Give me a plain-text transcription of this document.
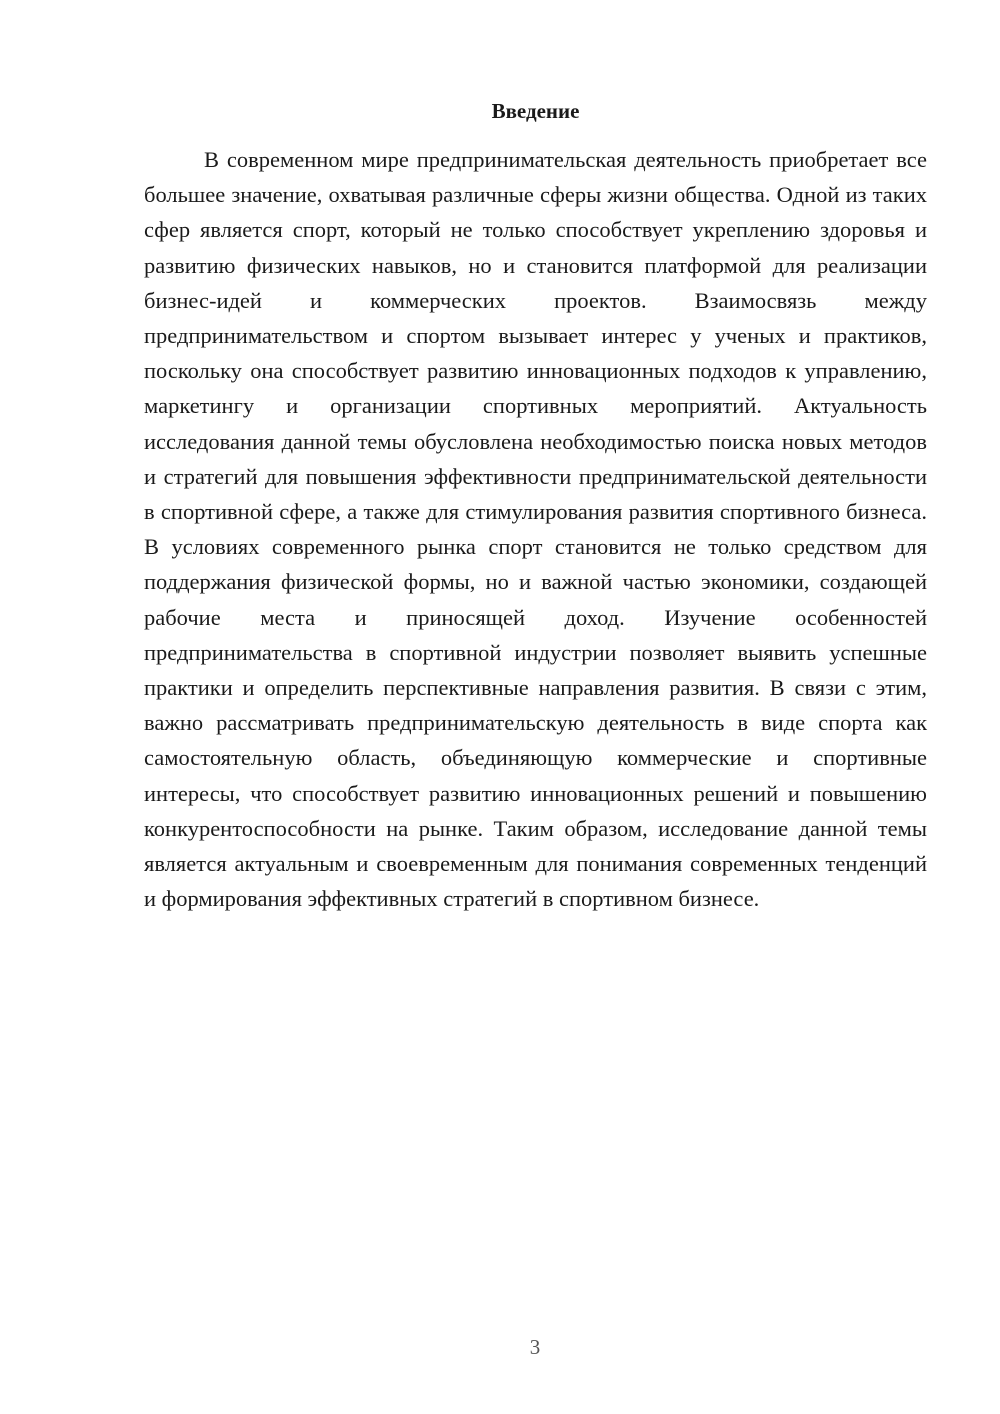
Введение

В современном мире предпринимательская деятельность приобретает все большее значение, охватывая различные сферы жизни общества. Одной из таких сфер является спорт, который не только способствует укреплению здоровья и развитию физических навыков, но и становится платформой для реализации бизнес-идей и коммерческих проектов. Взаимосвязь между предпринимательством и спортом вызывает интерес у ученых и практиков, поскольку она способствует развитию инновационных подходов к управлению, маркетингу и организации спортивных мероприятий. Актуальность исследования данной темы обусловлена необходимостью поиска новых методов и стратегий для повышения эффективности предпринимательской деятельности в спортивной сфере, а также для стимулирования развития спортивного бизнеса. В условиях современного рынка спорт становится не только средством для поддержания физической формы, но и важной частью экономики, создающей рабочие места и приносящей доход. Изучение особенностей предпринимательства в спортивной индустрии позволяет выявить успешные практики и определить перспективные направления развития. В связи с этим, важно рассматривать предпринимательскую деятельность в виде спорта как самостоятельную область, объединяющую коммерческие и спортивные интересы, что способствует развитию инновационных решений и повышению конкурентоспособности на рынке. Таким образом, исследование данной темы является актуальным и своевременным для понимания современных тенденций и формирования эффективных стратегий в спортивном бизнесе.

3
